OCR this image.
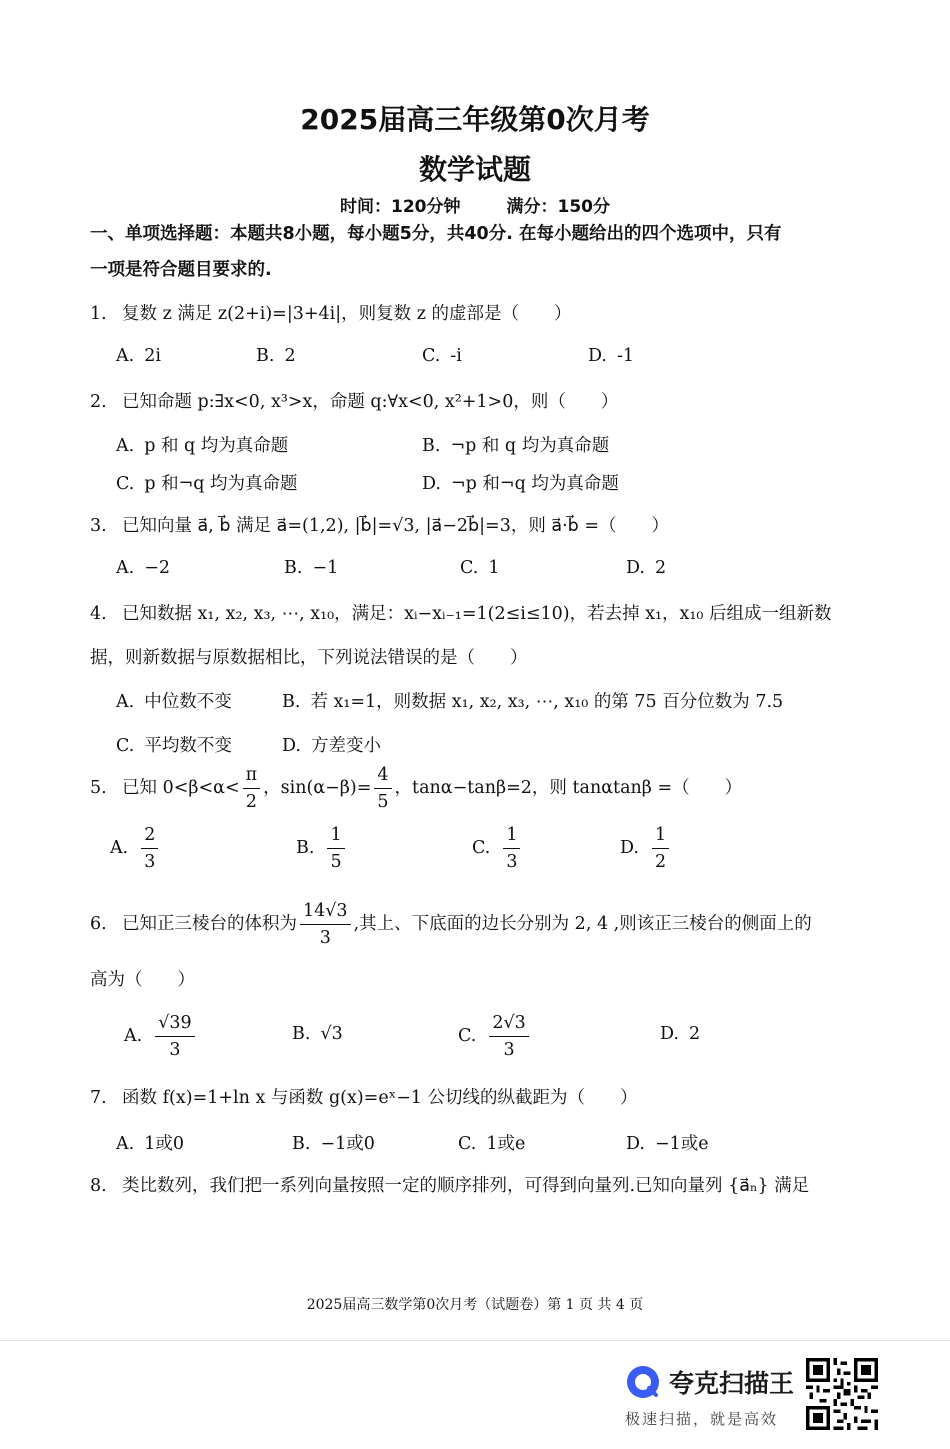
2025届高三年级第0次月考
数学试题
时间：120分钟	满分：150分
一、单项选择题：本题共8小题，每小题5分，共40分. 在每小题给出的四个选项中，只有
一项是符合题目要求的.
1. 复数 z 满足 z(2+i)=|3+4i|，则复数 z 的虚部是（　　）
A. 2i	B. 2	C. -i	D. -1
2. 已知命题 p:∃x<0, x³>x，命题 q:∀x<0, x²+1>0，则（　　）
A. p 和 q 均为真命题	B. ¬p 和 q 均为真命题
C. p 和¬q 均为真命题	D. ¬p 和¬q 均为真命题
3. 已知向量 a⃗, b⃗ 满足 a⃗=(1,2), |b⃗|=√3, |a⃗−2b⃗|=3，则 a⃗·b⃗ =（　　）
A. −2	B. −1	C. 1	D. 2
4. 已知数据 x₁, x₂, x₃, ⋯, x₁₀，满足：xᵢ−xᵢ₋₁=1(2≤i≤10)，若去掉 x₁，x₁₀ 后组成一组新数
据，则新数据与原数据相比，下列说法错误的是（　　）
A. 中位数不变	B. 若 x₁=1，则数据 x₁, x₂, x₃, ⋯, x₁₀ 的第 75 百分位数为 7.5
C. 平均数不变	D. 方差变小
5. 已知 $0<\beta<\alpha< \frac{\pi}{2}$ ，$\sin(\alpha-\beta)= \frac{4}{5}$ ，tanα−tanβ=2，则 tanαtanβ =（　　）
A. $\frac{2}{3}$	B. $\frac{1}{5}$	C. $\frac{1}{3}$	D. $\frac{1}{2}$
6. 已知正三棱台的体积为 $\frac{14√3}{3}$ ,其上、下底面的边长分别为 2, 4 ,则该正三棱台的侧面上的
高为（　　）
A. $\frac{√39}{3}$	B. √3	C. $\frac{2√3}{3}$	D. 2
7. 函数 f(x)=1+ln x 与函数 g(x)=eˣ−1 公切线的纵截距为（　　）
A. 1或0	B. −1或0	C. 1或e	D. −1或e
8. 类比数列，我们把一系列向量按照一定的顺序排列，可得到向量列.已知向量列 {a⃗ₙ} 满足
2025届高三数学第0次月考（试题卷）第 1 页 共 4 页
夸克扫描王
极速扫描，就是高效
